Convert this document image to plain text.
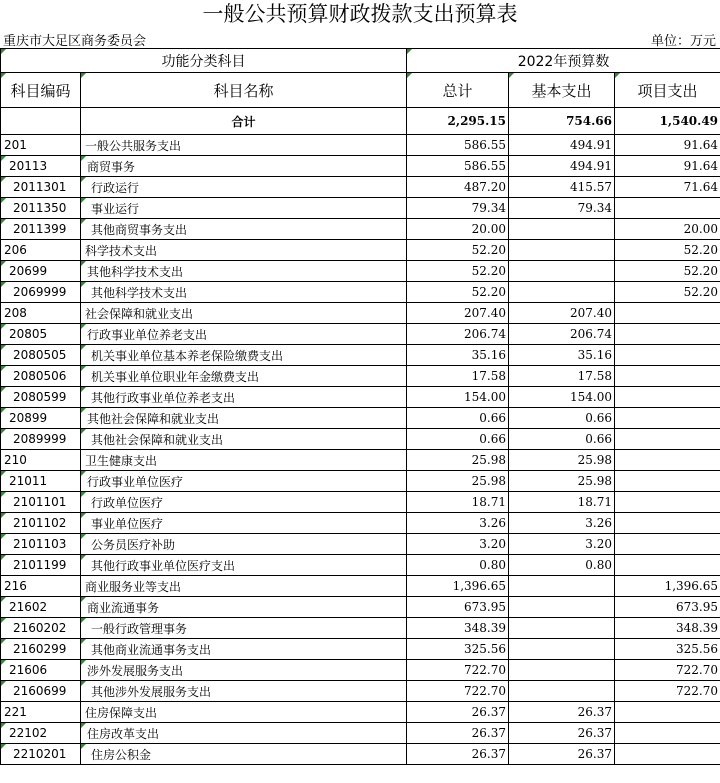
一般公共预算财政拨款支出预算表
重庆市大足区商务委员会	单位：万元
功能分类科目		2022年预算数		
科目编码	科目名称	总计	基本支出	项目支出
	合计	2,295.15	754.66	1,540.49
201	一般公共服务支出	586.55	494.91	91.64
20113	商贸事务	586.55	494.91	91.64
2011301	行政运行	487.20	415.57	71.64
2011350	事业运行	79.34	79.34	
2011399	其他商贸事务支出	20.00		20.00
206	科学技术支出	52.20		52.20
20699	其他科学技术支出	52.20		52.20
2069999	其他科学技术支出	52.20		52.20
208	社会保障和就业支出	207.40	207.40	
20805	行政事业单位养老支出	206.74	206.74	
2080505	机关事业单位基本养老保险缴费支出	35.16	35.16	
2080506	机关事业单位职业年金缴费支出	17.58	17.58	
2080599	其他行政事业单位养老支出	154.00	154.00	
20899	其他社会保障和就业支出	0.66	0.66	
2089999	其他社会保障和就业支出	0.66	0.66	
210	卫生健康支出	25.98	25.98	
21011	行政事业单位医疗	25.98	25.98	
2101101	行政单位医疗	18.71	18.71	
2101102	事业单位医疗	3.26	3.26	
2101103	公务员医疗补助	3.20	3.20	
2101199	其他行政事业单位医疗支出	0.80	0.80	
216	商业服务业等支出	1,396.65		1,396.65
21602	商业流通事务	673.95		673.95
2160202	一般行政管理事务	348.39		348.39
2160299	其他商业流通事务支出	325.56		325.56
21606	涉外发展服务支出	722.70		722.70
2160699	其他涉外发展服务支出	722.70		722.70
221	住房保障支出	26.37	26.37	
22102	住房改革支出	26.37	26.37	
2210201	住房公积金	26.37	26.37	
